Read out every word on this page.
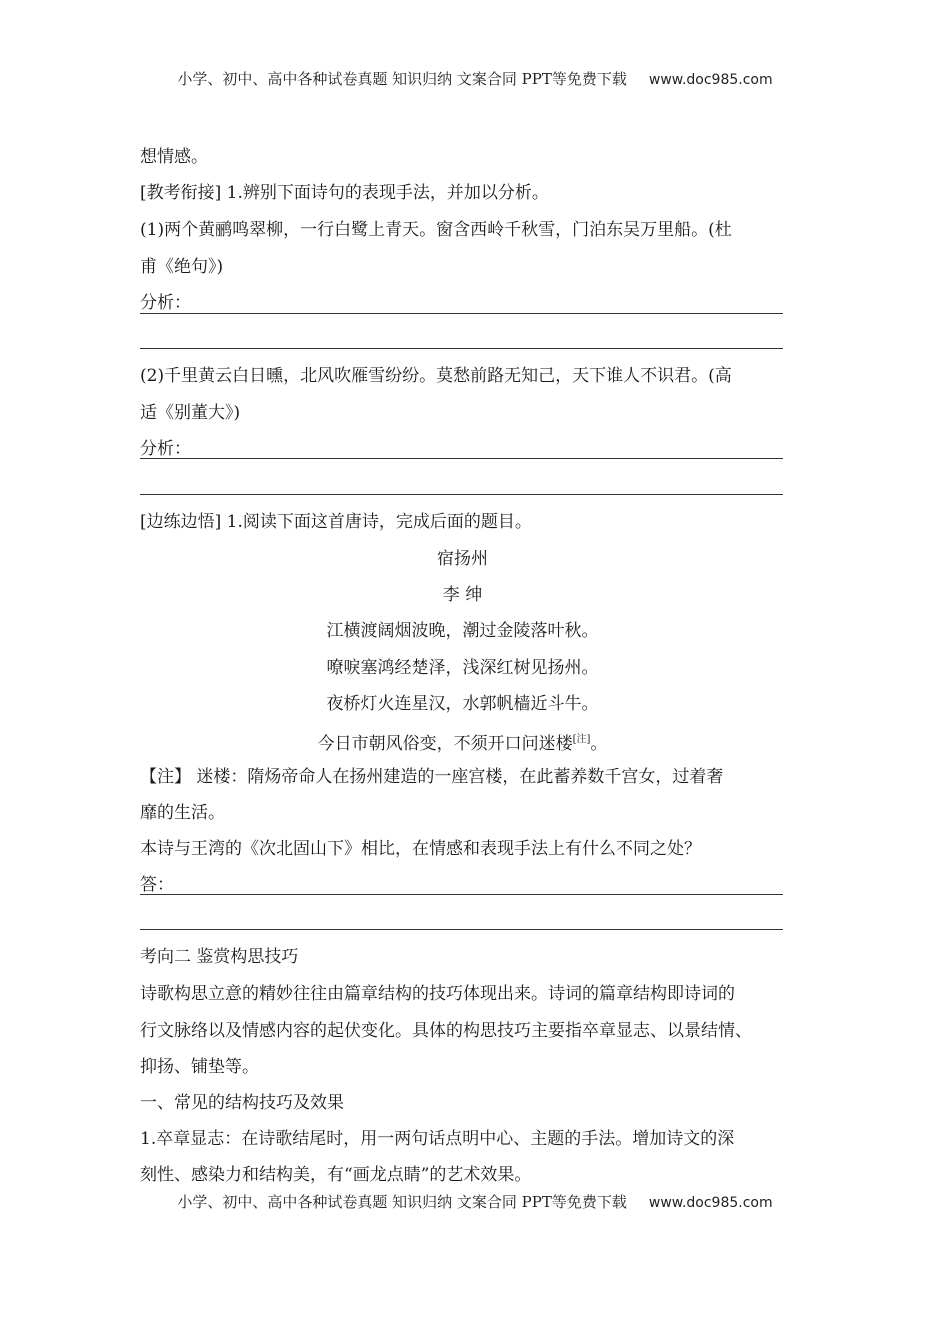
小学、初中、高中各种试卷真题 知识归纳 文案合同 PPT等免费下载 www.doc985.com
想情感。
[教考衔接] 1.辨别下面诗句的表现手法，并加以分析。
(1)两个黄鹂鸣翠柳，一行白鹭上青天。窗含西岭千秋雪，门泊东吴万里船。(杜
甫《绝句》)
分析：
(2)千里黄云白日曛，北风吹雁雪纷纷。莫愁前路无知己，天下谁人不识君。(高
适《别董大》)
分析：
[边练边悟] 1.阅读下面这首唐诗，完成后面的题目。
宿扬州
李 绅
江横渡阔烟波晚，潮过金陵落叶秋。
嘹唳塞鸿经楚泽，浅深红树见扬州。
夜桥灯火连星汉，水郭帆樯近斗牛。
今日市朝风俗变，不须开口问迷楼[注]。
【注】 迷楼：隋炀帝命人在扬州建造的一座宫楼，在此蓄养数千宫女，过着奢
靡的生活。
本诗与王湾的《次北固山下》相比，在情感和表现手法上有什么不同之处？
答：
考向二 鉴赏构思技巧
诗歌构思立意的精妙往往由篇章结构的技巧体现出来。诗词的篇章结构即诗词的
行文脉络以及情感内容的起伏变化。具体的构思技巧主要指卒章显志、以景结情、
抑扬、铺垫等。
一、常见的结构技巧及效果
1.卒章显志：在诗歌结尾时，用一两句话点明中心、主题的手法。增加诗文的深
刻性、感染力和结构美，有“画龙点睛”的艺术效果。
小学、初中、高中各种试卷真题 知识归纳 文案合同 PPT等免费下载 www.doc985.com
